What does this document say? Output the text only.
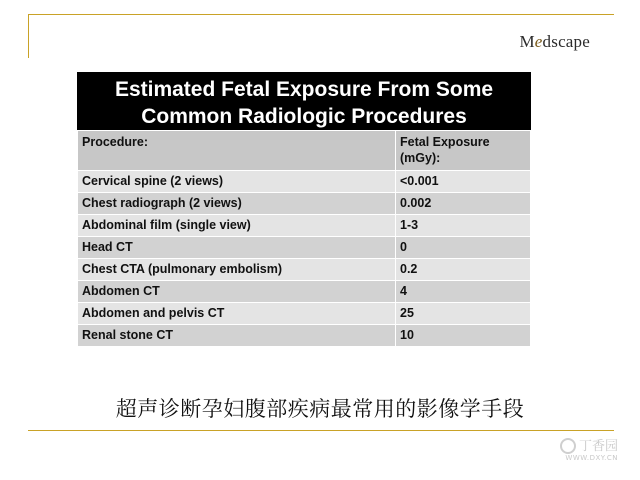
Medscape
Estimated Fetal Exposure From Some
Common Radiologic Procedures
Procedure:	Fetal Exposure (mGy):
Cervical spine (2 views)	<0.001
Chest radiograph (2 views)	0.002
Abdominal film (single view)	1-3
Head CT	0
Chest CTA (pulmonary embolism)	0.2
Abdomen CT	4
Abdomen and pelvis CT	25
Renal stone CT	10
超声诊断孕妇腹部疾病最常用的影像学手段
丁香园
WWW.DXY.CN
